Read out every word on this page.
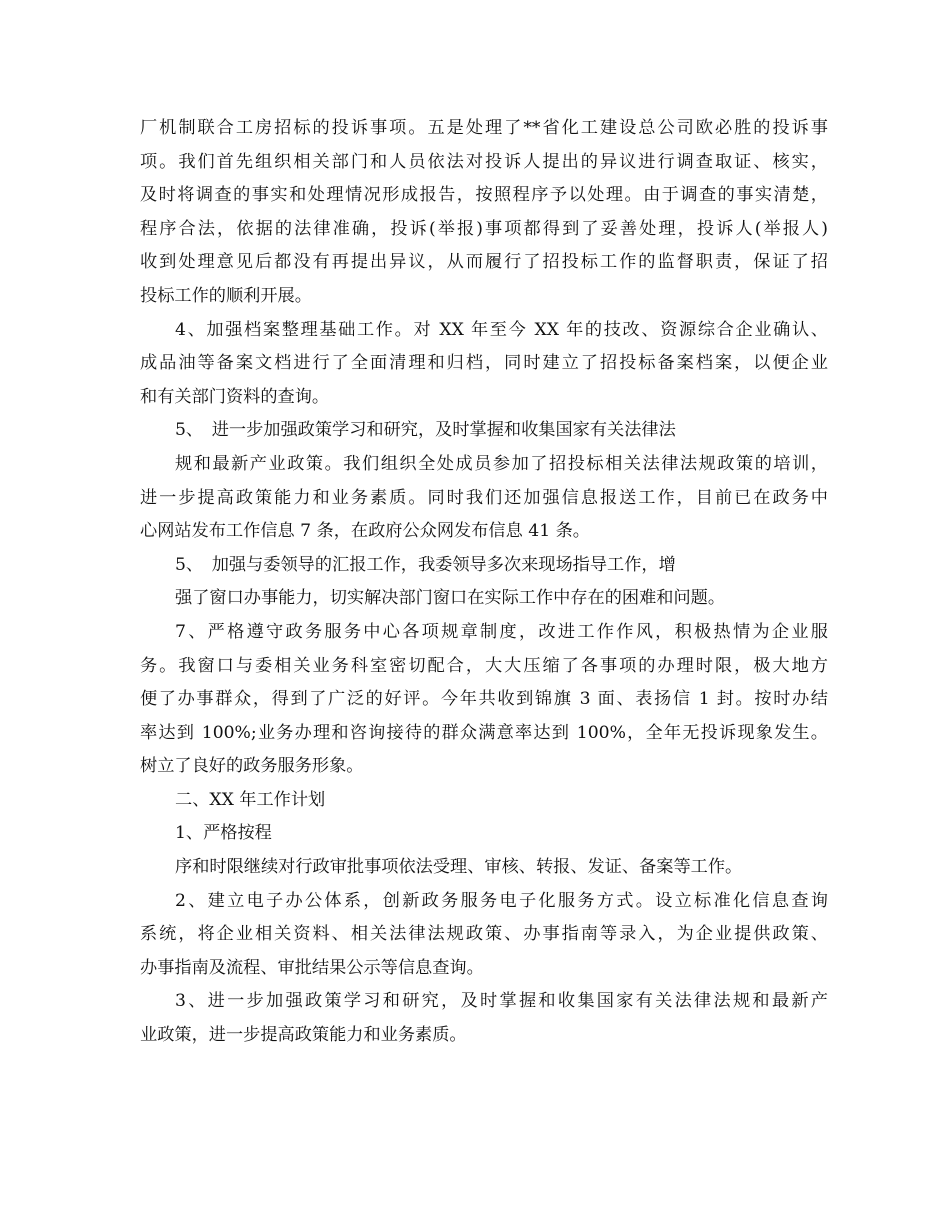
厂机制联合工房招标的投诉事项。五是处理了**省化工建设总公司欧必胜的投诉事
项。我们首先组织相关部门和人员依法对投诉人提出的异议进行调查取证、核实，
及时将调查的事实和处理情况形成报告，按照程序予以处理。由于调查的事实清楚，
程序合法，依据的法律准确，投诉(举报)事项都得到了妥善处理，投诉人(举报人)
收到处理意见后都没有再提出异议，从而履行了招投标工作的监督职责，保证了招
投标工作的顺利开展。
4、加强档案整理基础工作。对 XX 年至今 XX 年的技改、资源综合企业确认、
成品油等备案文档进行了全面清理和归档，同时建立了招投标备案档案，以便企业
和有关部门资料的查询。
5、　进一步加强政策学习和研究，及时掌握和收集国家有关法律法
规和最新产业政策。我们组织全处成员参加了招投标相关法律法规政策的培训，
进一步提高政策能力和业务素质。同时我们还加强信息报送工作，目前已在政务中
心网站发布工作信息 7 条，在政府公众网发布信息 41 条。
5、　加强与委领导的汇报工作，我委领导多次来现场指导工作，增
强了窗口办事能力，切实解决部门窗口在实际工作中存在的困难和问题。
7、严格遵守政务服务中心各项规章制度，改进工作作风，积极热情为企业服
务。我窗口与委相关业务科室密切配合，大大压缩了各事项的办理时限，极大地方
便了办事群众，得到了广泛的好评。今年共收到锦旗 3 面、表扬信 1 封。按时办结
率达到 100%;业务办理和咨询接待的群众满意率达到 100%，全年无投诉现象发生。
树立了良好的政务服务形象。
二、XX 年工作计划
1、严格按程
序和时限继续对行政审批事项依法受理、审核、转报、发证、备案等工作。
2、建立电子办公体系，创新政务服务电子化服务方式。设立标准化信息查询
系统，将企业相关资料、相关法律法规政策、办事指南等录入，为企业提供政策、
办事指南及流程、审批结果公示等信息查询。
3、进一步加强政策学习和研究，及时掌握和收集国家有关法律法规和最新产
业政策，进一步提高政策能力和业务素质。
